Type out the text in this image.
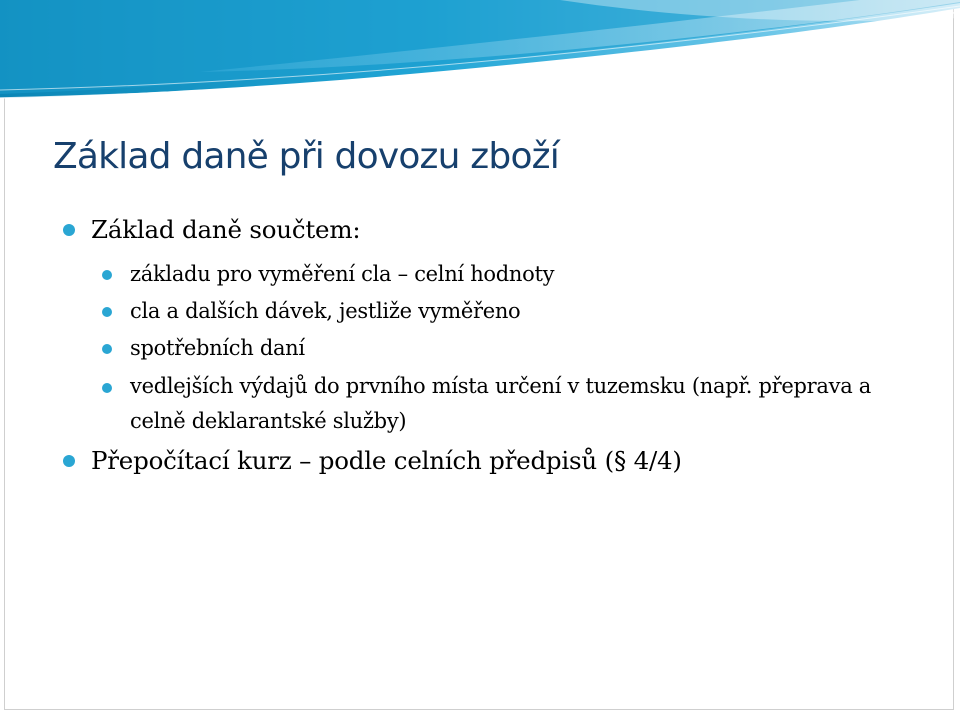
Základ daně při dovozu zboží
Základ daně součtem:
základu pro vyměření cla – celní hodnoty
cla a dalších dávek, jestliže vyměřeno
spotřebních daní
vedlejších výdajů do prvního místa určení v tuzemsku (např. přeprava a celně deklarantské služby)
Přepočítací kurz – podle celních předpisů (§ 4/4)
